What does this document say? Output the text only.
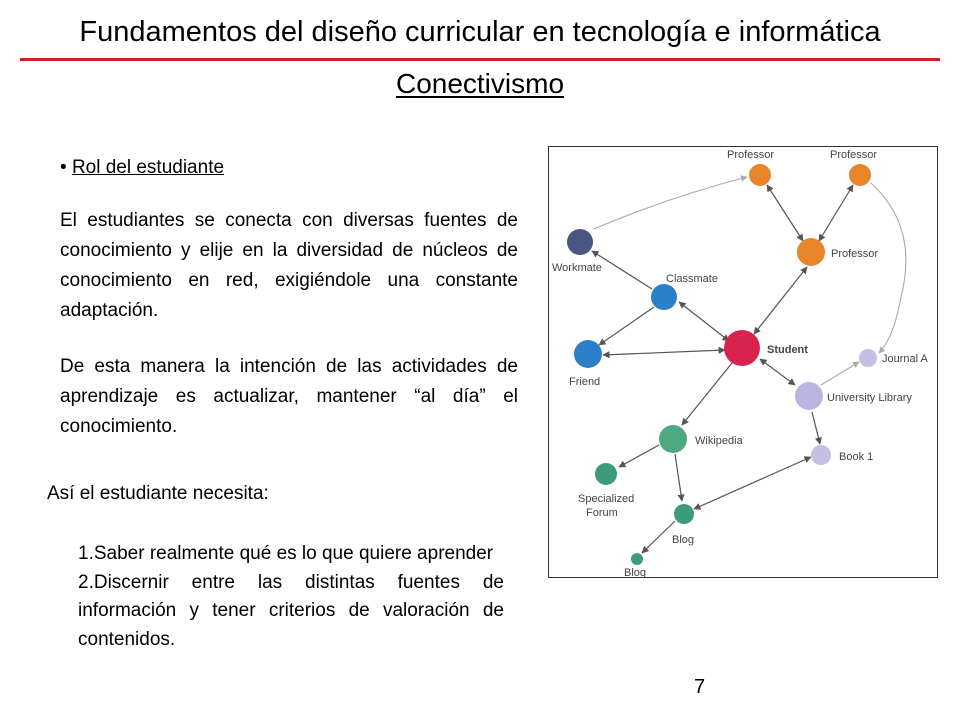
Fundamentos del diseño curricular en tecnología e informática
Conectivismo
• Rol del estudiante
El estudiantes se conecta con diversas fuentes de conocimiento y elije en la diversidad de núcleos de conocimiento en red, exigiéndole una constante adaptación.
De esta manera la intención de las actividades de aprendizaje es actualizar, mantener “al día” el conocimiento.
Así el estudiante necesita:
1.Saber realmente qué es lo que quiere aprender
2.Discernir entre las distintas fuentes de información y tener criterios de valoración de contenidos.
7
Professor	Professor
Professor
Workmate
Classmate
Friend
Student
Journal A
University Library
Wikipedia
Book 1
Specialized
Forum
Blog
Blog
